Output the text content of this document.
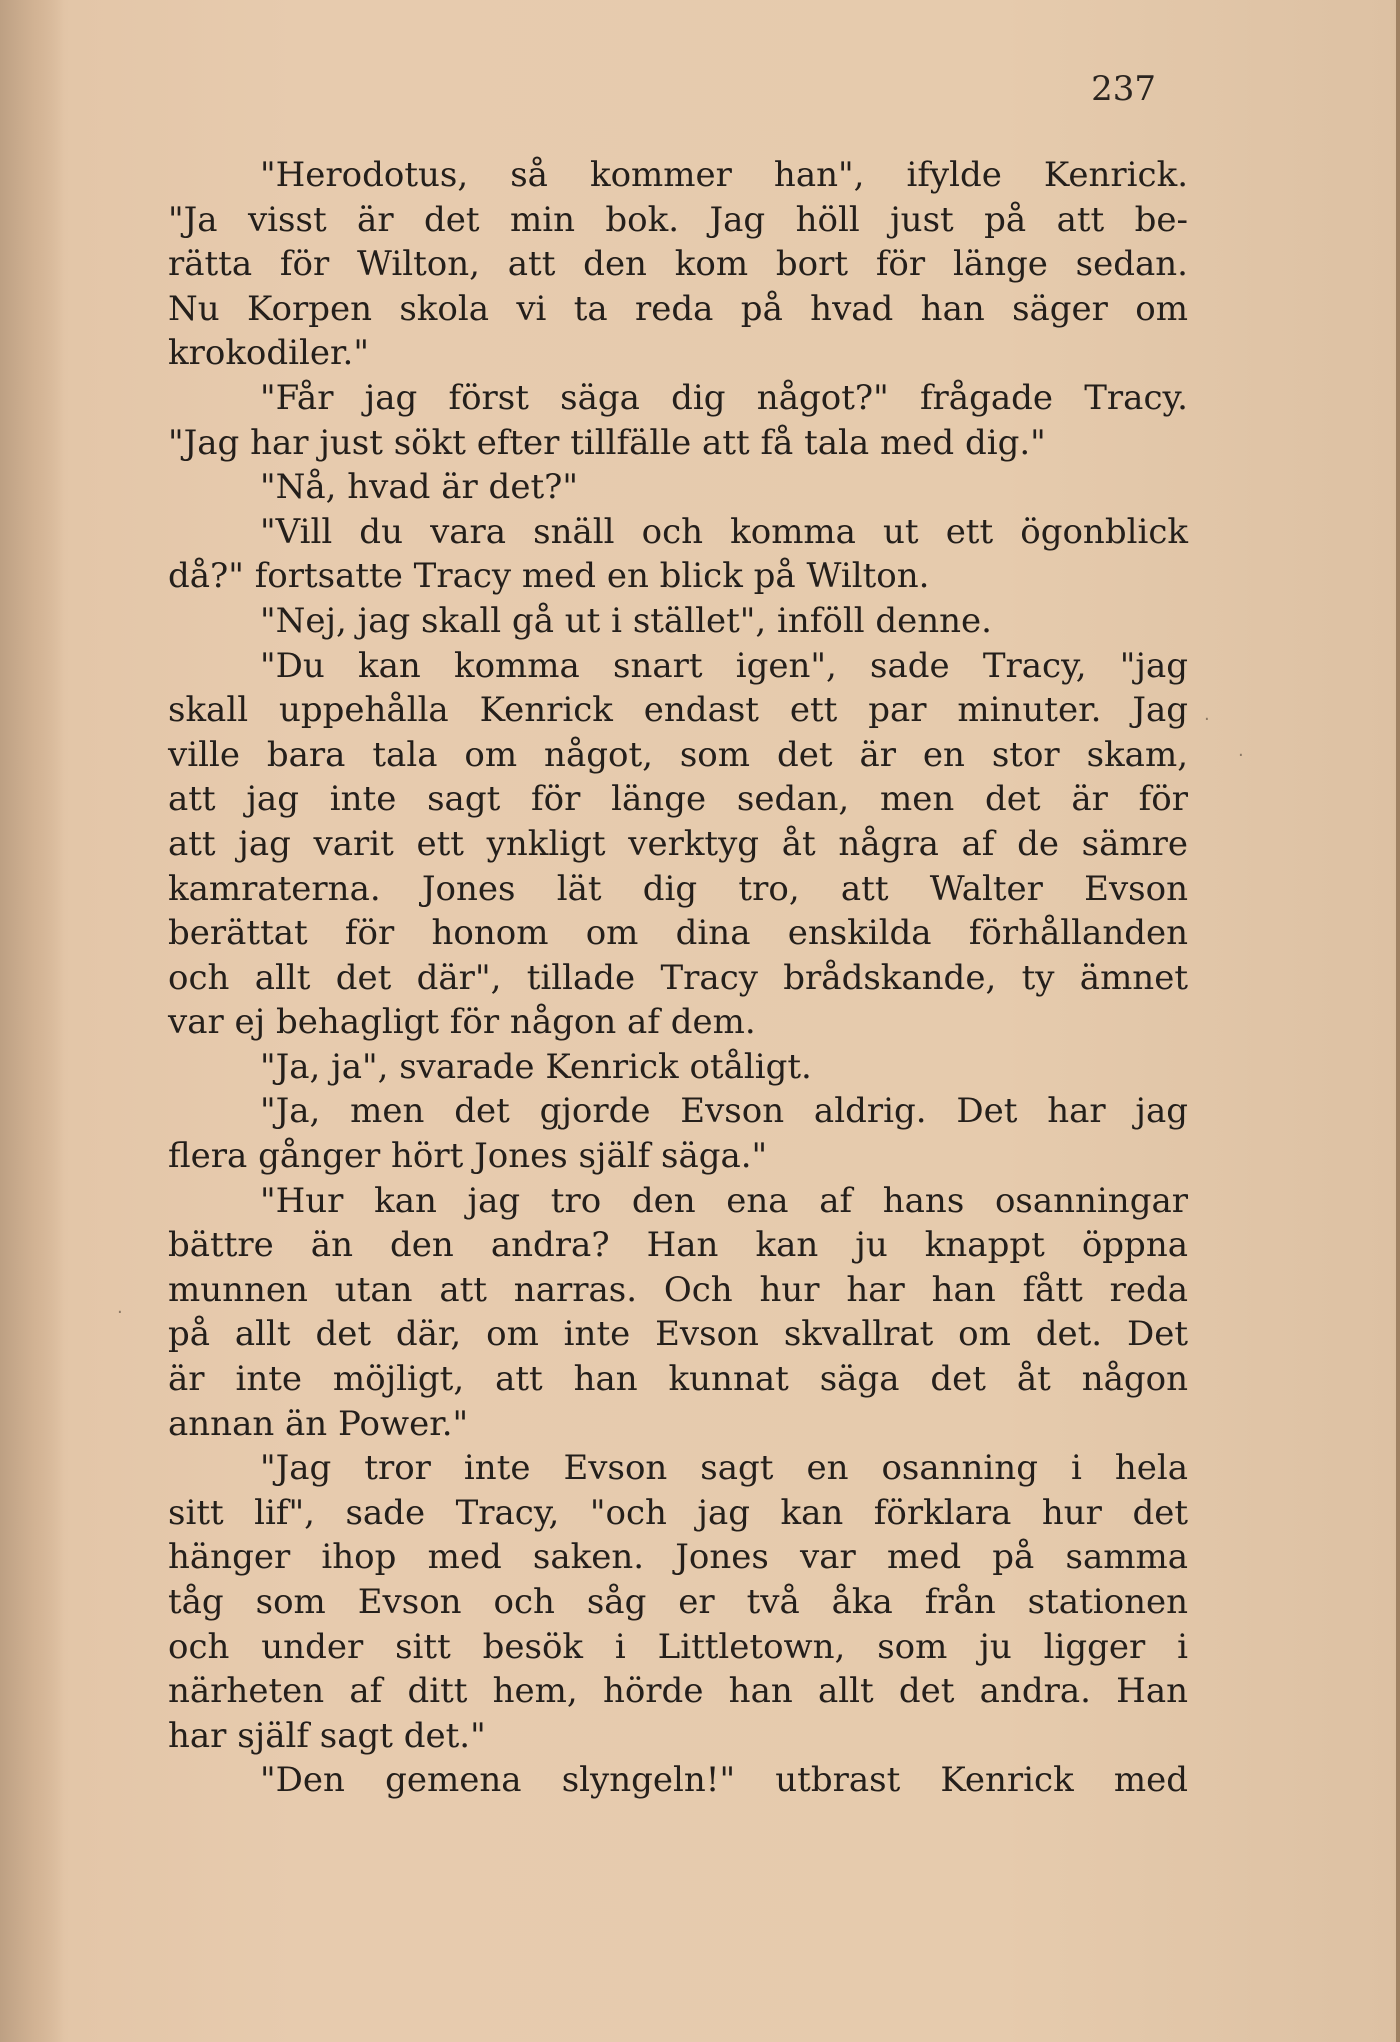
237
"Herodotus, så kommer han", ifylde Kenrick.
"Ja visst är det min bok. Jag höll just på att be-
rätta för Wilton, att den kom bort för länge sedan.
Nu Korpen skola vi ta reda på hvad han säger om
krokodiler."
"Får jag först säga dig något?" frågade Tracy.
"Jag har just sökt efter tillfälle att få tala med dig."
"Nå, hvad är det?"
"Vill du vara snäll och komma ut ett ögonblick
då?" fortsatte Tracy med en blick på Wilton.
"Nej, jag skall gå ut i stället", inföll denne.
"Du kan komma snart igen", sade Tracy, "jag
skall uppehålla Kenrick endast ett par minuter. Jag
ville bara tala om något, som det är en stor skam,
att jag inte sagt för länge sedan, men det är för
att jag varit ett ynkligt verktyg åt några af de sämre
kamraterna. Jones lät dig tro, att Walter Evson
berättat för honom om dina enskilda förhållanden
och allt det där", tillade Tracy brådskande, ty ämnet
var ej behagligt för någon af dem.
"Ja, ja", svarade Kenrick otåligt.
"Ja, men det gjorde Evson aldrig. Det har jag
flera gånger hört Jones själf säga."
"Hur kan jag tro den ena af hans osanningar
bättre än den andra? Han kan ju knappt öppna
munnen utan att narras. Och hur har han fått reda
på allt det där, om inte Evson skvallrat om det. Det
är inte möjligt, att han kunnat säga det åt någon
annan än Power."
"Jag tror inte Evson sagt en osanning i hela
sitt lif", sade Tracy, "och jag kan förklara hur det
hänger ihop med saken. Jones var med på samma
tåg som Evson och såg er två åka från stationen
och under sitt besök i Littletown, som ju ligger i
närheten af ditt hem, hörde han allt det andra. Han
har själf sagt det."
"Den gemena slyngeln!" utbrast Kenrick med
·
·
·
